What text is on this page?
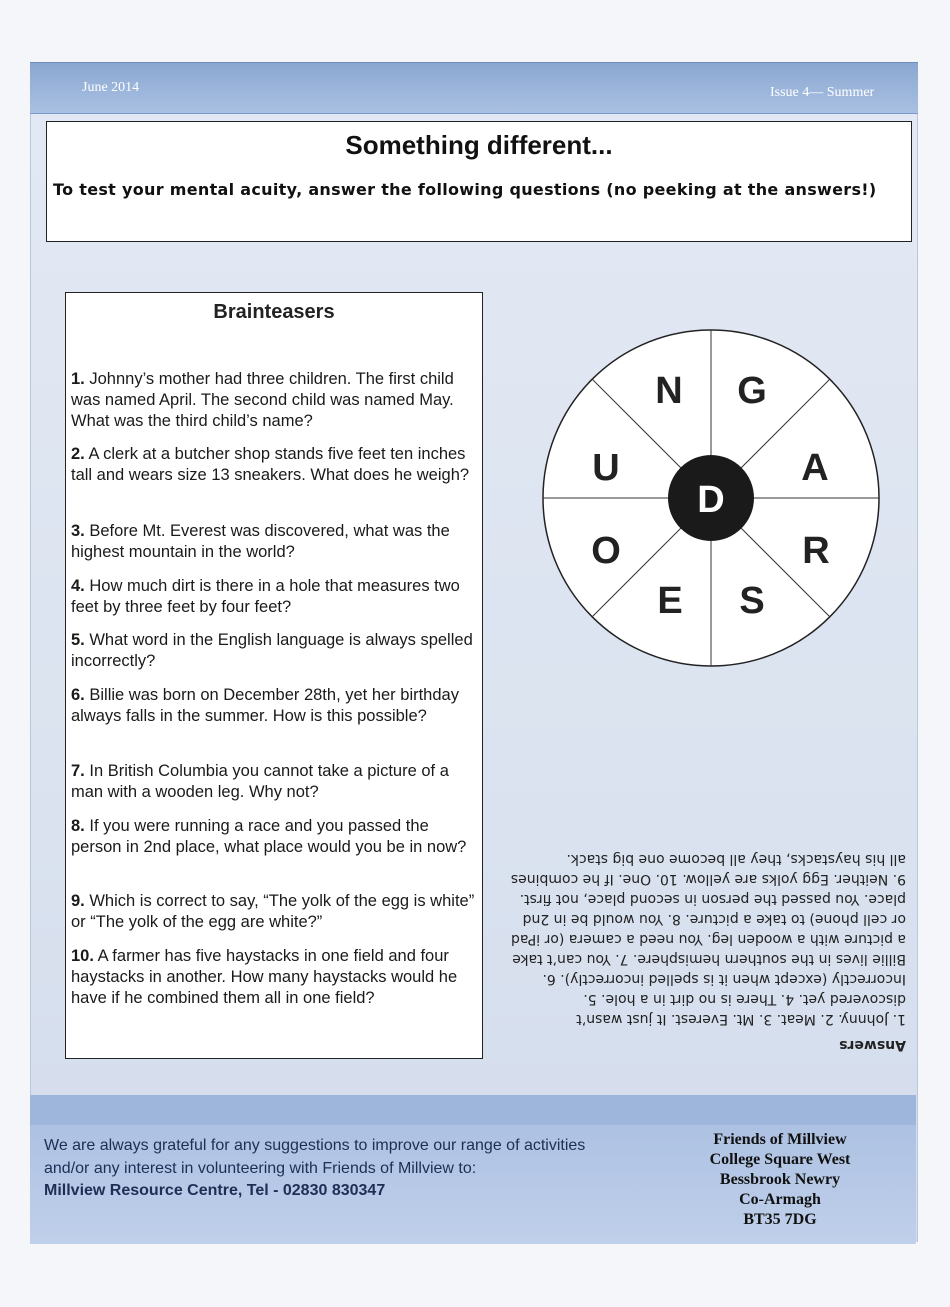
June 2014	Issue 4— Summer
Something different...
To test your mental acuity, answer the following questions (no peeking at the answers!)
Brainteasers
1. Johnny’s mother had three children. The first child was named April. The second child was named May. What was the third child’s name?
2. A clerk at a butcher shop stands five feet ten inches tall and wears size 13 sneakers. What does he weigh?
3. Before Mt. Everest was discovered, what was the highest mountain in the world?
4. How much dirt is there in a hole that measures two feet by three feet by four feet?
5. What word in the English language is always spelled incorrectly?
6. Billie was born on December 28th, yet her birthday always falls in the summer. How is this possible?
7. In British Columbia you cannot take a picture of a man with a wooden leg. Why not?
8. If you were running a race and you passed the person in 2nd place, what place would you be in now?
9. Which is correct to say, “The yolk of the egg is white” or “The yolk of the egg are white?”
10. A farmer has five haystacks in one field and four haystacks in another. How many haystacks would he have if he combined them all in one field?
D
G
A
R
S
E
O
U
N
Answers
1. Johnny. 2. Meat. 3. Mt. Everest. It just wasn’t discovered yet. 4. There is no dirt in a hole. 5. Incorrectly (except when it is spelled incorrectly). 6. Billie lives in the southern hemisphere. 7. You can’t take a picture with a wooden leg. You need a camera (or iPad or cell phone) to take a picture. 8. You would be in 2nd place. You passed the person in second place, not first. 9. Neither. Egg yolks are yellow. 10. One. If he combines all his haystacks, they all become one big stack.
We are always grateful for any suggestions to improve our range of activities and/or any interest in volunteering with Friends of Millview to:
Millview Resource Centre, Tel - 02830 830347
Friends of Millview
College Square West
Bessbrook Newry
Co-Armagh
BT35 7DG
